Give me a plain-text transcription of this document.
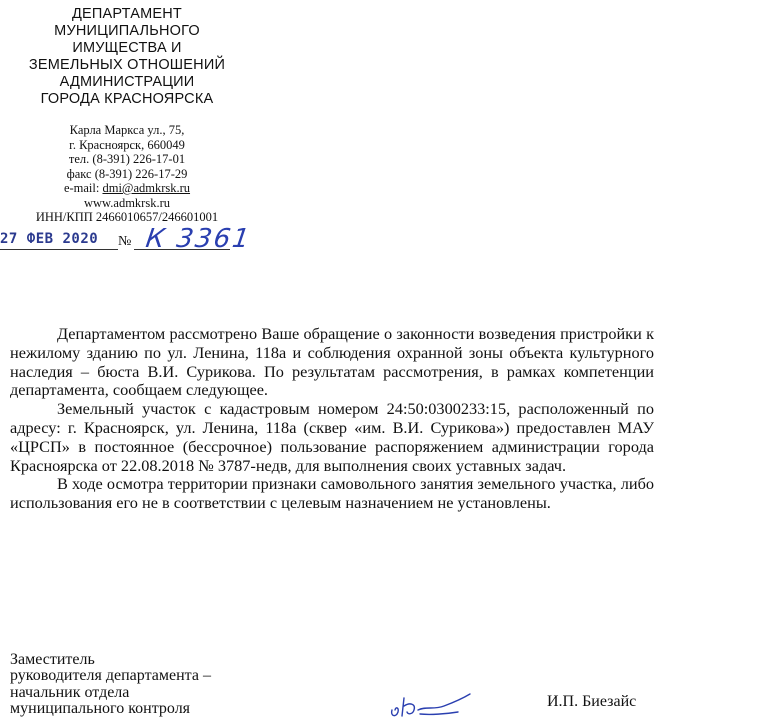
ДЕПАРТАМЕНТ
МУНИЦИПАЛЬНОГО
ИМУЩЕСТВА И
ЗЕМЕЛЬНЫХ ОТНОШЕНИЙ
АДМИНИСТРАЦИИ
ГОРОДА КРАСНОЯРСКА
Карла Маркса ул., 75,
г. Красноярск, 660049
тел. (8-391) 226-17-01
факс (8-391) 226-17-29
e-mail: dmi@admkrsk.ru
www.admkrsk.ru
ИНН/КПП 2466010657/246601001
27 ФЕВ 2020 № К 3361

Департаментом рассмотрено Ваше обращение о законности возведения пристройки к нежилому зданию по ул. Ленина, 118а и соблюдения охранной зоны объекта культурного наследия – бюста В.И. Сурикова. По результатам рассмотрения, в рамках компетенции департамента, сообщаем следующее.

Земельный участок с кадастровым номером 24:50:0300233:15, расположенный по адресу: г. Красноярск, ул. Ленина, 118а (сквер «им. В.И. Сурикова») предоставлен МАУ «ЦРСП» в постоянное (бессрочное) пользование распоряжением администрации города Красноярска от 22.08.2018 № 3787-недв, для выполнения своих уставных задач.

В ходе осмотра территории признаки самовольного занятия земельного участка, либо использования его не в соответствии с целевым назначением не установлены.

Заместитель
руководителя департамента –
начальник отдела
муниципального контроля	И.П. Биезайс
